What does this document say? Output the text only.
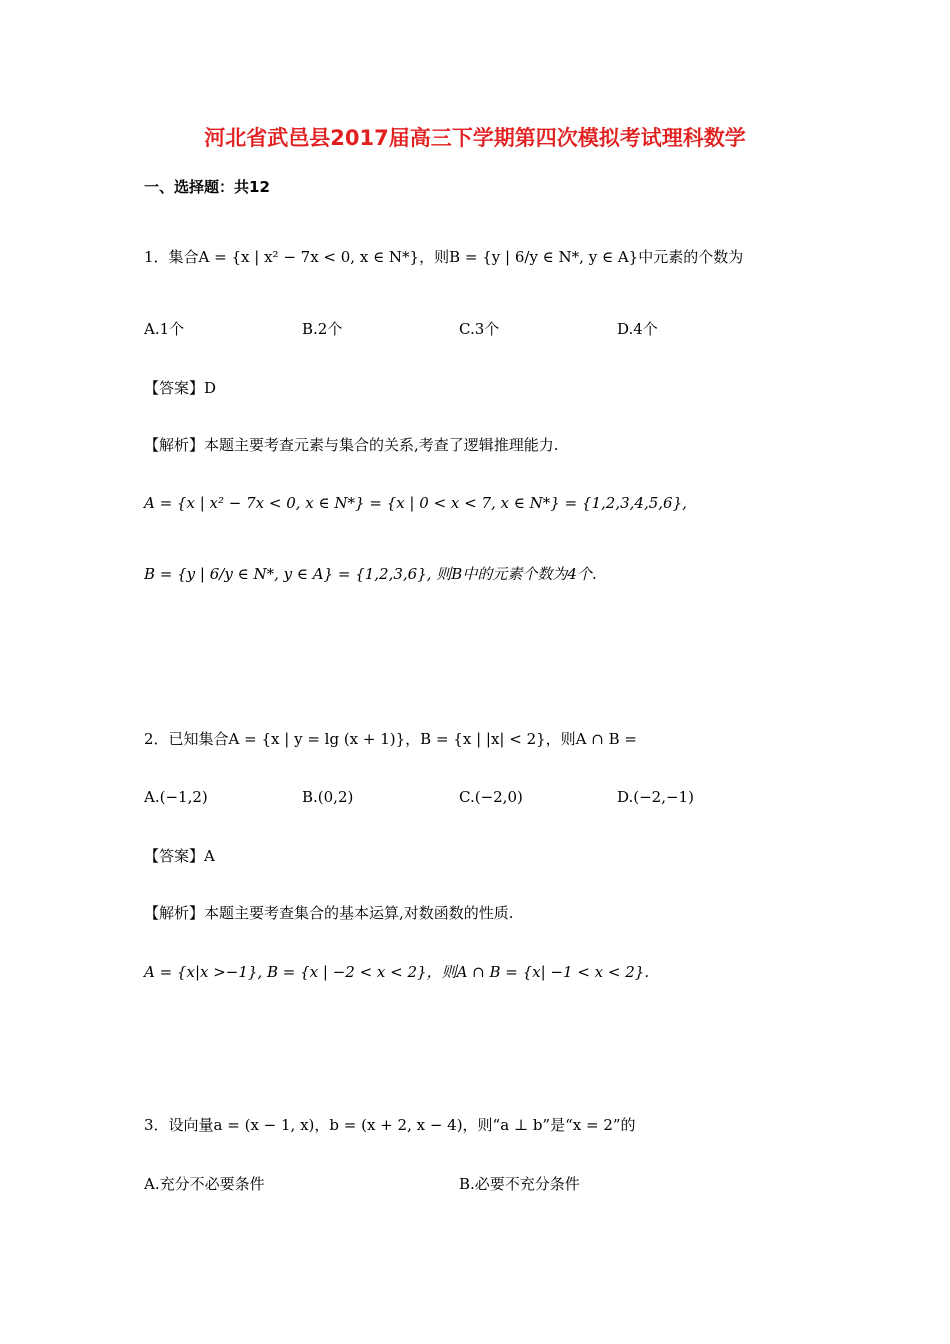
河北省武邑县2017届高三下学期第四次模拟考试理科数学
一、选择题：共12
1．集合A = {x | x² − 7x < 0, x ∈ N*}，则B = {y | 6/y ∈ N*, y ∈ A}中元素的个数为
A.1个	B.2个	C.3个	D.4个
【答案】D
【解析】本题主要考查元素与集合的关系,考查了逻辑推理能力.
A = {x | x² − 7x < 0, x ∈ N*} = {x | 0 < x < 7, x ∈ N*} = {1,2,3,4,5,6},
B = {y | 6/y ∈ N*, y ∈ A} = {1,2,3,6}, 则B中的元素个数为4个.
2．已知集合A = {x | y = lg (x + 1)}，B = {x | |x| < 2}，则A ∩ B =
A.(−1,2)	B.(0,2)	C.(−2,0)	D.(−2,−1)
【答案】A
【解析】本题主要考查集合的基本运算,对数函数的性质.
A = {x|x >−1}, B = {x | −2 < x < 2}，则A ∩ B = {x| −1 < x < 2}.
3．设向量a = (x − 1, x)，b = (x + 2, x − 4)，则“a ⊥ b”是“x = 2”的
A.充分不必要条件	B.必要不充分条件
